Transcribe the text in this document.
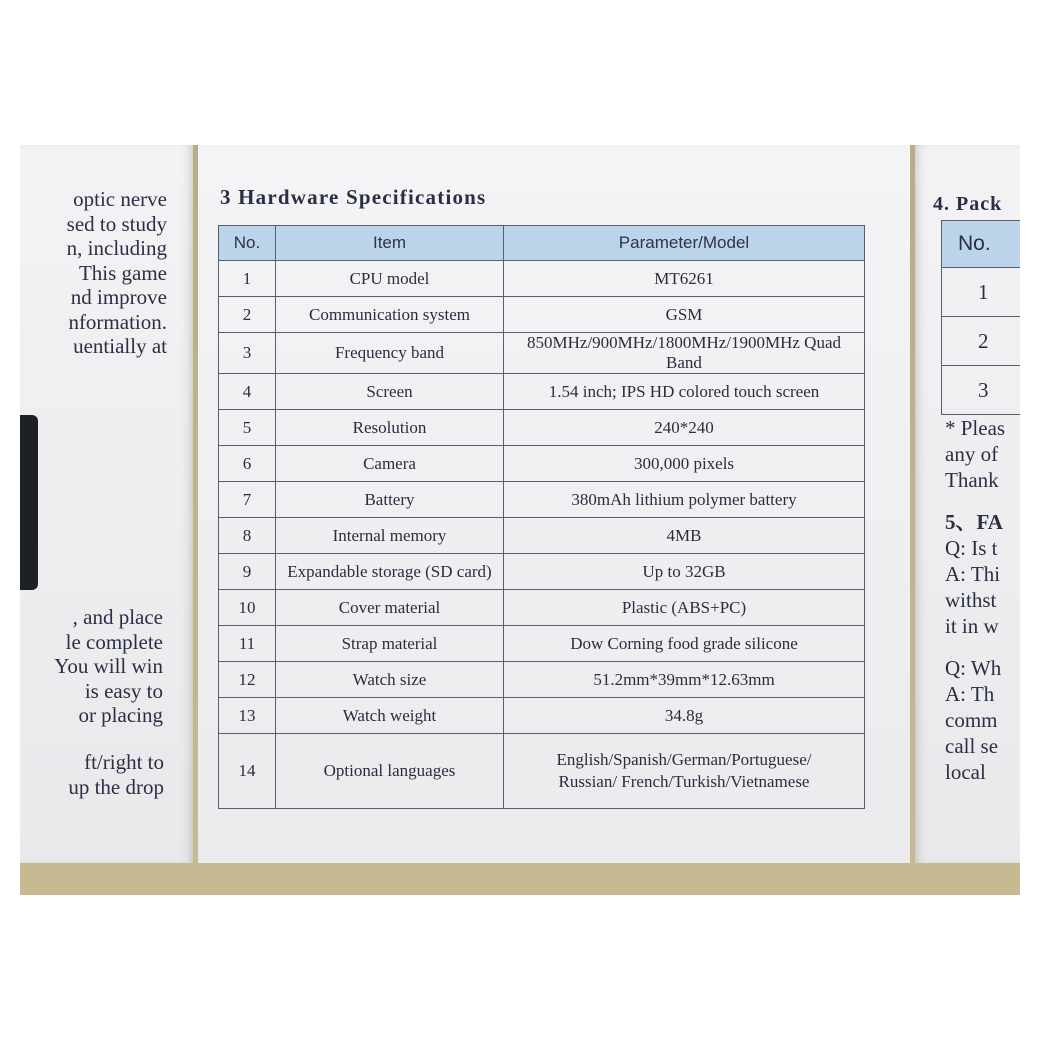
optic nerve
sed to study
n, including
This game
nd improve
nformation.
uentially at
, and place
le complete
You will win
is easy to
or placing
ft/right to
up the drop
3 Hardware Specifications
No.	Item	Parameter/Model
1	CPU model	MT6261
2	Communication system	GSM
3	Frequency band	850MHz/900MHz/1800MHz/1900MHz Quad Band
4	Screen	1.54 inch; IPS HD colored touch screen
5	Resolution	240*240
6	Camera	300,000 pixels
7	Battery	380mAh lithium polymer battery
8	Internal memory	4MB
9	Expandable storage (SD card)	Up to 32GB
10	Cover material	Plastic (ABS+PC)
11	Strap material	Dow Corning food grade silicone
12	Watch size	51.2mm*39mm*12.63mm
13	Watch weight	34.8g
14	Optional languages	English/Spanish/German/Portuguese/
Russian/ French/Turkish/Vietnamese
4. Pack
No.
1
2
3
* Pleas
any of
Thank
5、FA
Q: Is t
A: Thi
withst
it in w
Q: Wh
A: Th
comm
call se
local
